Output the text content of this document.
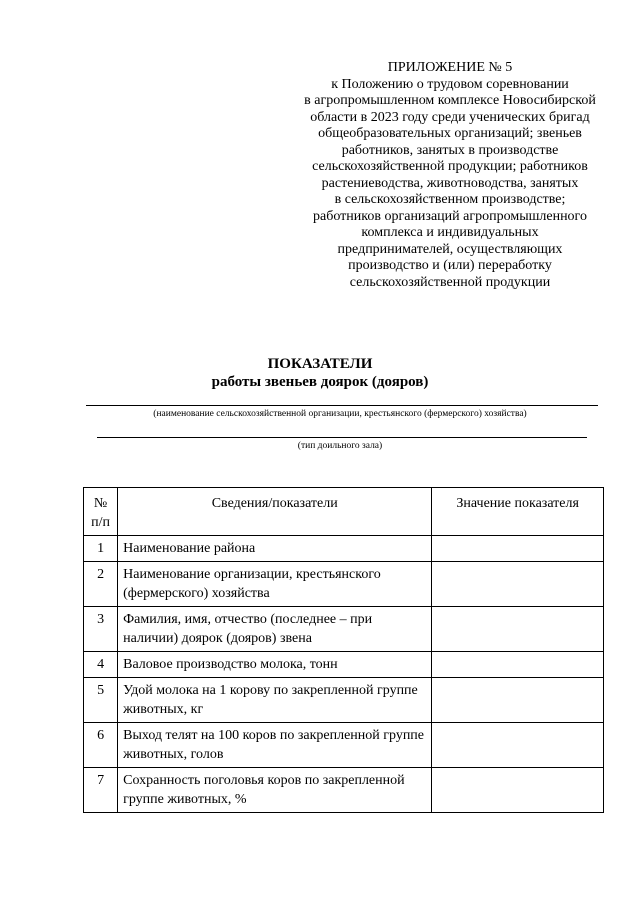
ПРИЛОЖЕНИЕ № 5
к Положению о трудовом соревновании
в агропромышленном комплексе Новосибирской
области в 2023 году среди ученических бригад
общеобразовательных организаций; звеньев
работников, занятых в производстве
сельскохозяйственной продукции; работников
растениеводства, животноводства, занятых
в сельскохозяйственном производстве;
работников организаций агропромышленного
комплекса и индивидуальных
предпринимателей, осуществляющих
производство и (или) переработку
сельскохозяйственной продукции
ПОКАЗАТЕЛИ
работы звеньев доярок (дояров)
(наименование сельскохозяйственной организации, крестьянского (фермерского) хозяйства)
(тип доильного зала)
№ п/п	Сведения/показатели	Значение показателя
1	Наименование района	
2	Наименование организации, крестьянского (фермерского) хозяйства	
3	Фамилия, имя, отчество (последнее – при наличии) доярок (дояров) звена	
4	Валовое производство молока, тонн	
5	Удой молока на 1 корову по закрепленной группе животных, кг	
6	Выход телят на 100 коров по закрепленной группе животных, голов	
7	Сохранность поголовья коров по закрепленной группе животных, %	
